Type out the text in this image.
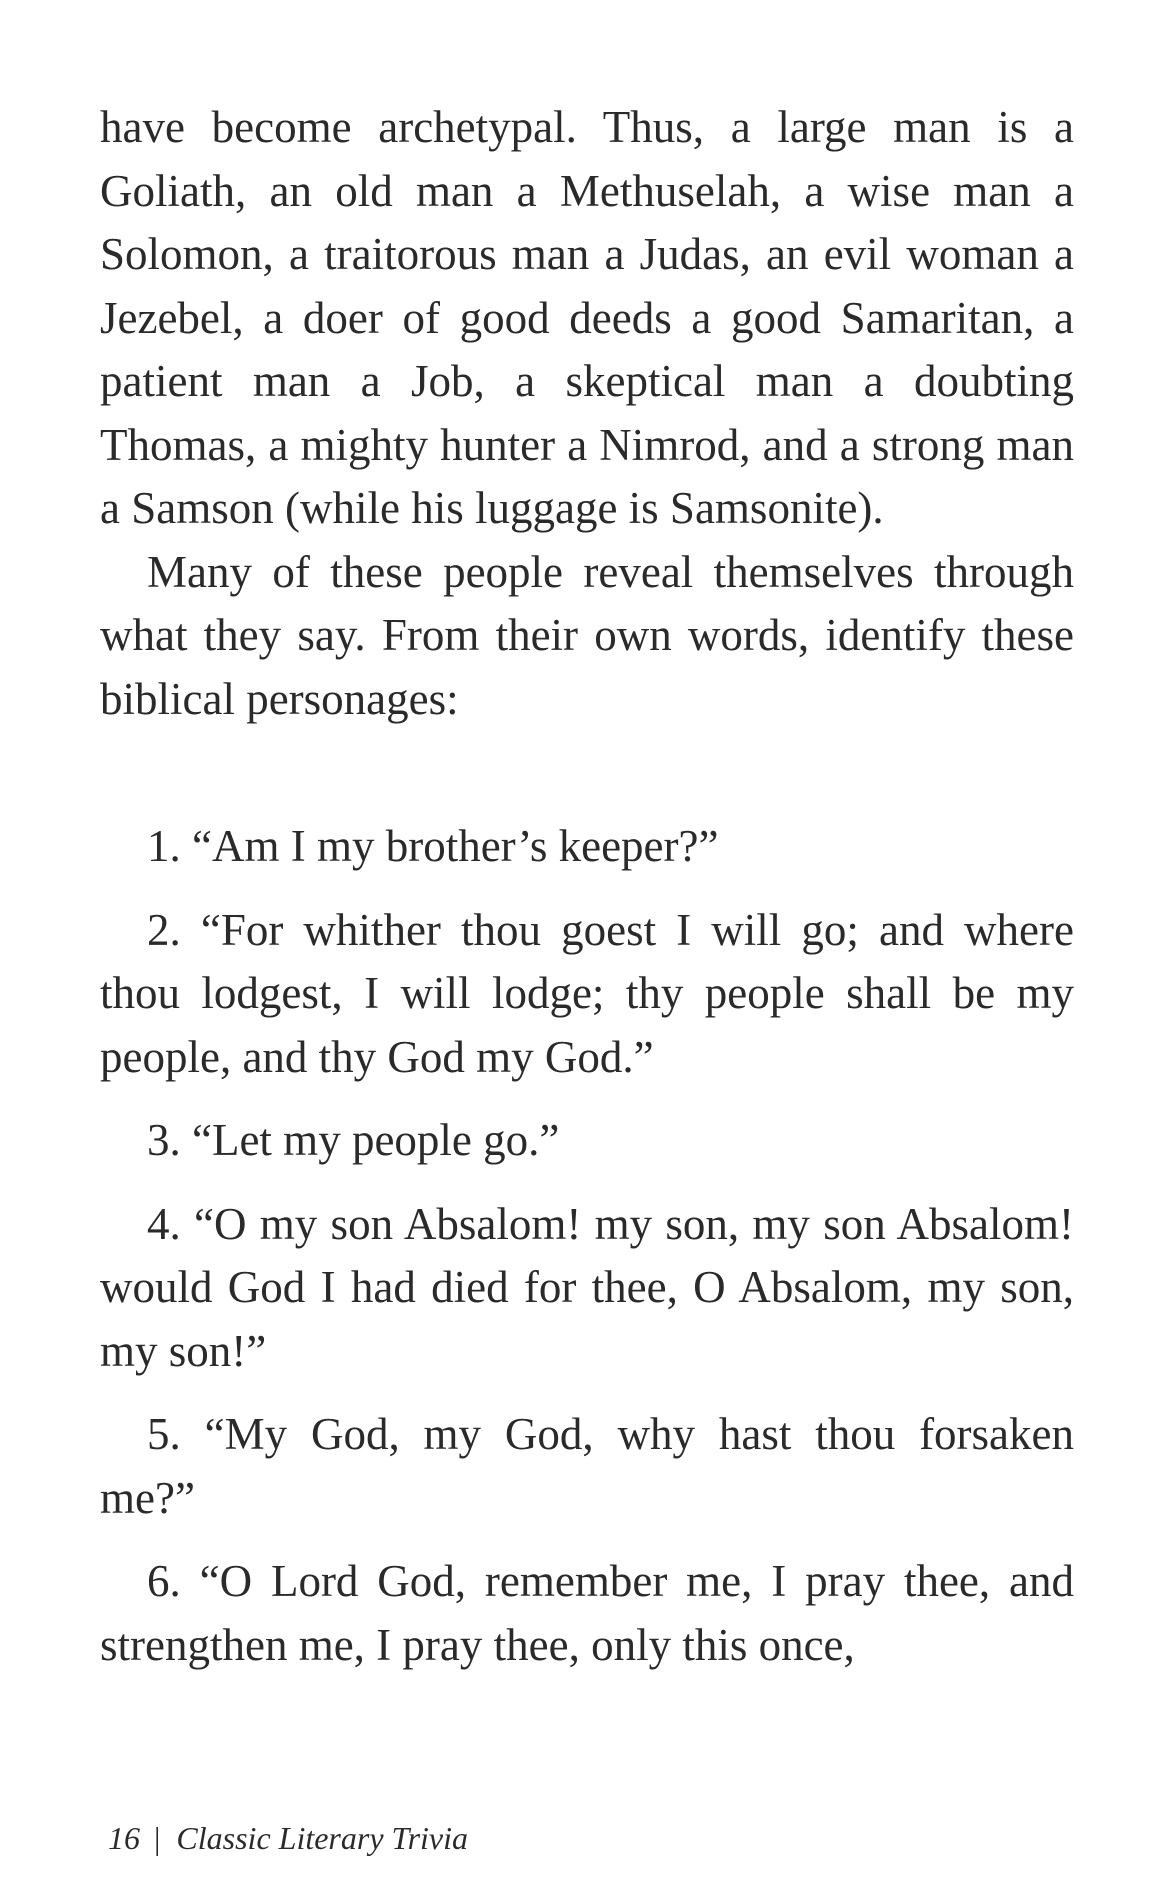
have become archetypal. Thus, a large man is a Goliath, an old man a Methuselah, a wise man a Solomon, a traitorous man a Judas, an evil woman a Jezebel, a doer of good deeds a good Samaritan, a patient man a Job, a skeptical man a doubting Thomas, a mighty hunter a Nimrod, and a strong man a Samson (while his luggage is Samsonite).

Many of these people reveal themselves through what they say. From their own words, identify these biblical personages:

1. “Am I my brother’s keeper?”

2. “For whither thou goest I will go; and where thou lodgest, I will lodge; thy people shall be my people, and thy God my God.”

3. “Let my people go.”

4. “O my son Absalom! my son, my son Absalom! would God I had died for thee, O Absalom, my son, my son!”

5. “My God, my God, why hast thou forsaken me?”

6. “O Lord God, remember me, I pray thee, and strengthen me, I pray thee, only this once,

16 | Classic Literary Trivia
